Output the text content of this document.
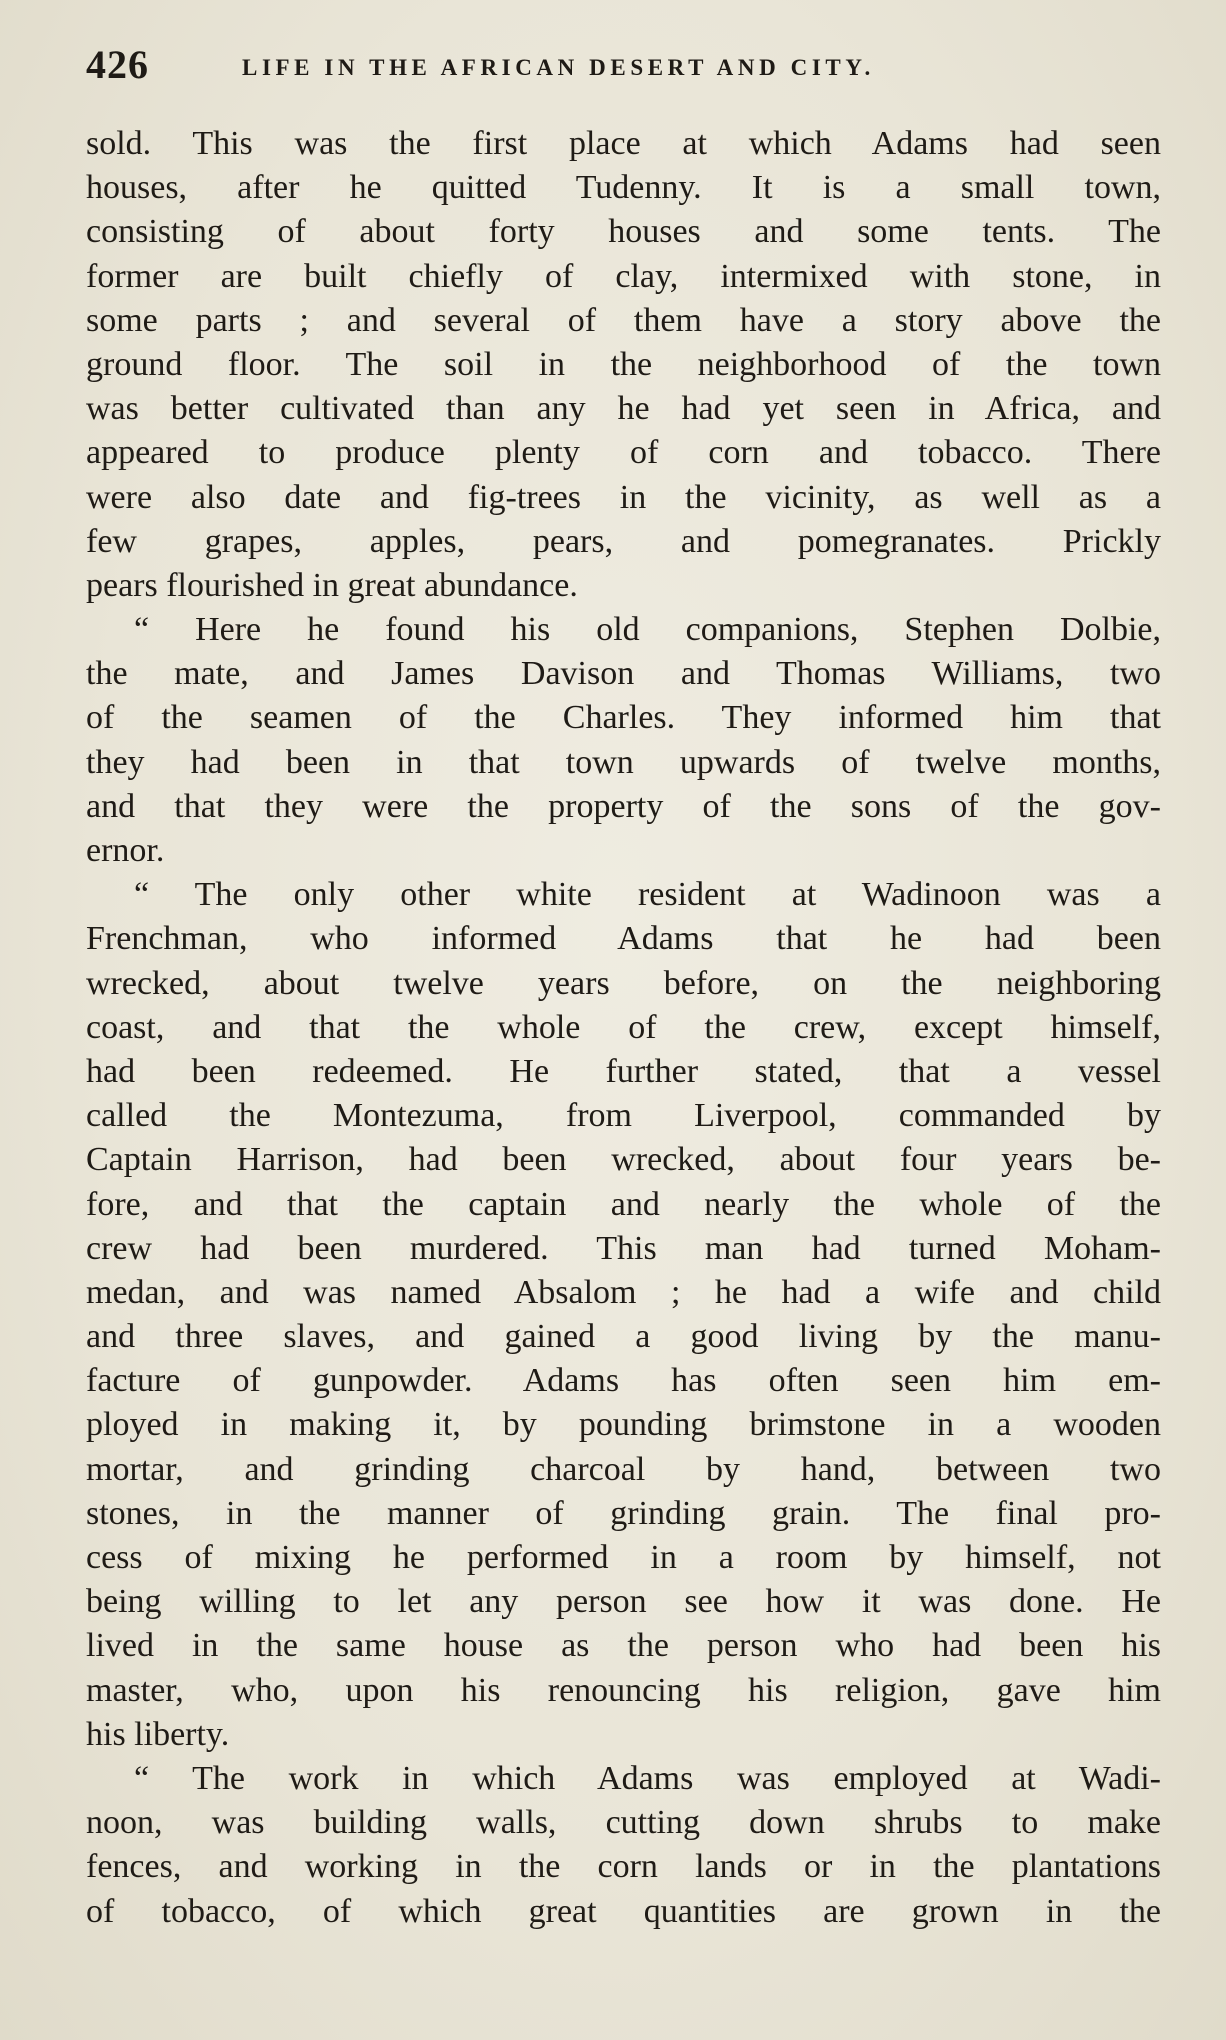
426	LIFE IN THE AFRICAN DESERT AND CITY.
sold. This was the first place at which Adams had seen
houses, after he quitted Tudenny. It is a small town,
consisting of about forty houses and some tents. The
former are built chiefly of clay, intermixed with stone, in
some parts ; and several of them have a story above the
ground floor. The soil in the neighborhood of the town
was better cultivated than any he had yet seen in Africa, and
appeared to produce plenty of corn and tobacco. There
were also date and fig-trees in the vicinity, as well as a
few grapes, apples, pears, and pomegranates. Prickly
pears flourished in great abundance.
“ Here he found his old companions, Stephen Dolbie,
the mate, and James Davison and Thomas Williams, two
of the seamen of the Charles. They informed him that
they had been in that town upwards of twelve months,
and that they were the property of the sons of the gov-
ernor.
“ The only other white resident at Wadinoon was a
Frenchman, who informed Adams that he had been
wrecked, about twelve years before, on the neighboring
coast, and that the whole of the crew, except himself,
had been redeemed. He further stated, that a vessel
called the Montezuma, from Liverpool, commanded by
Captain Harrison, had been wrecked, about four years be-
fore, and that the captain and nearly the whole of the
crew had been murdered. This man had turned Moham-
medan, and was named Absalom ; he had a wife and child
and three slaves, and gained a good living by the manu-
facture of gunpowder. Adams has often seen him em-
ployed in making it, by pounding brimstone in a wooden
mortar, and grinding charcoal by hand, between two
stones, in the manner of grinding grain. The final pro-
cess of mixing he performed in a room by himself, not
being willing to let any person see how it was done. He
lived in the same house as the person who had been his
master, who, upon his renouncing his religion, gave him
his liberty.
“ The work in which Adams was employed at Wadi-
noon, was building walls, cutting down shrubs to make
fences, and working in the corn lands or in the plantations
of tobacco, of which great quantities are grown in the
